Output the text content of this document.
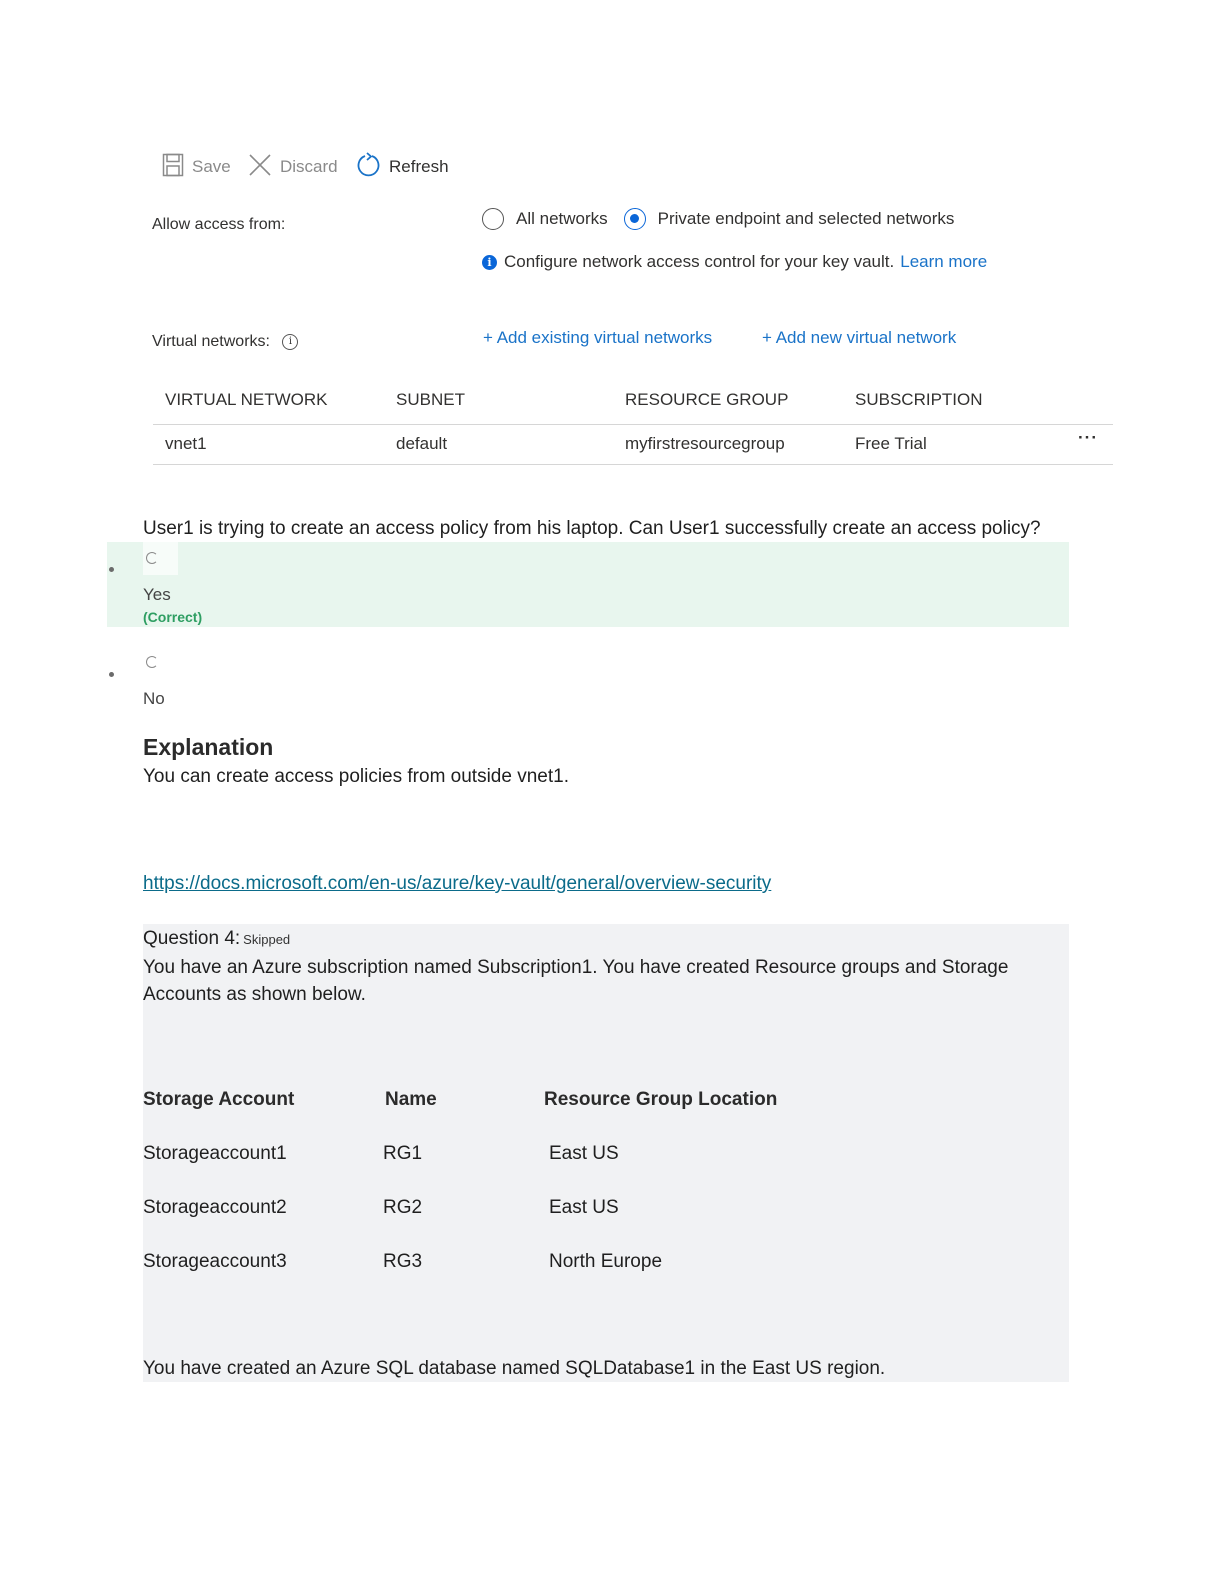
Save	Discard	Refresh
Allow access from:	All networks	Private endpoint and selected networks
i Configure network access control for your key vault. Learn more
Virtual networks: i	+ Add existing virtual networks	+ Add new virtual network
VIRTUAL NETWORK	SUBNET	RESOURCE GROUP	SUBSCRIPTION
vnet1	default	myfirstresourcegroup	Free Trial	···
User1 is trying to create an access policy from his laptop. Can User1 successfully create an access policy?
Yes
(Correct)
No
Explanation
You can create access policies from outside vnet1.
https://docs.microsoft.com/en-us/azure/key-vault/general/overview-security
Question 4: Skipped
You have an Azure subscription named Subscription1. You have created Resource groups and Storage Accounts as shown below.
Storage Account	Name	Resource Group Location
Storageaccount1	RG1	East US
Storageaccount2	RG2	East US
Storageaccount3	RG3	North Europe
You have created an Azure SQL database named SQLDatabase1 in the East US region.
